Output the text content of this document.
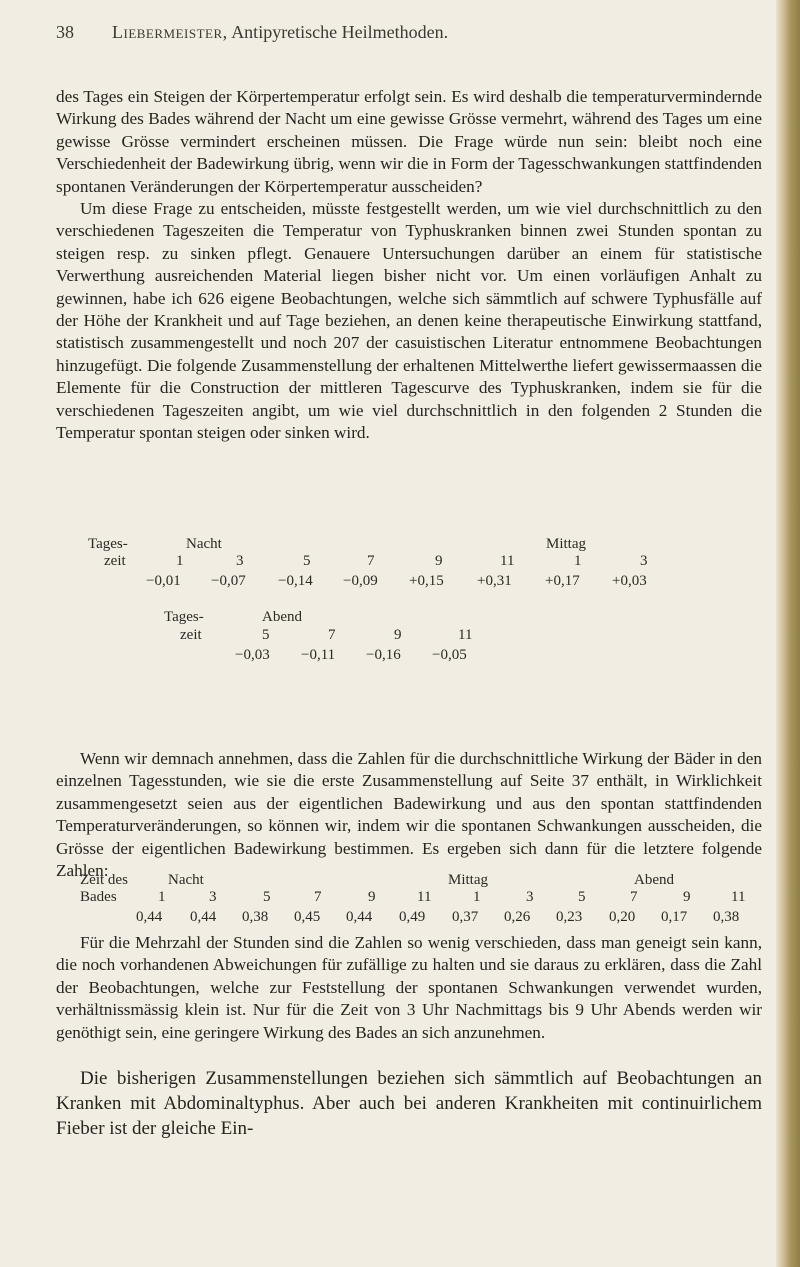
38 Liebermeister, Antipyretische Heilmethoden.
des Tages ein Steigen der Körpertemperatur erfolgt sein. Es wird deshalb die temperaturvermindernde Wirkung des Bades während der Nacht um eine gewisse Grösse vermehrt, während des Tages um eine gewisse Grösse vermindert erscheinen müssen. Die Frage würde nun sein: bleibt noch eine Verschiedenheit der Badewirkung übrig, wenn wir die in Form der Tagesschwankungen stattfindenden spontanen Veränderungen der Körpertemperatur ausscheiden?
Um diese Frage zu entscheiden, müsste festgestellt werden, um wie viel durchschnittlich zu den verschiedenen Tageszeiten die Temperatur von Typhuskranken binnen zwei Stunden spontan zu steigen resp. zu sinken pflegt. Genauere Untersuchungen darüber an einem für statistische Verwerthung ausreichenden Material liegen bisher nicht vor. Um einen vorläufigen Anhalt zu gewinnen, habe ich 626 eigene Beobachtungen, welche sich sämmtlich auf schwere Typhusfälle auf der Höhe der Krankheit und auf Tage beziehen, an denen keine therapeutische Einwirkung stattfand, statistisch zusammengestellt und noch 207 der casuistischen Literatur entnommene Beobachtungen hinzugefügt. Die folgende Zusammenstellung der erhaltenen Mittelwerthe liefert gewissermaassen die Elemente für die Construction der mittleren Tagescurve des Typhuskranken, indem sie für die verschiedenen Tageszeiten angibt, um wie viel durchschnittlich in den folgenden 2 Stunden die Temperatur spontan steigen oder sinken wird.
Tages-
zeit
Nacht	Mittag
1	3	5	7	9	11	1	3
−0,01 −0,07 −0,14 −0,09 +0,15 +0,31 +0,17 +0,03
Tages-
zeit
Abend
5	7	9	11
−0,03 −0,11 −0,16 −0,05
Wenn wir demnach annehmen, dass die Zahlen für die durchschnittliche Wirkung der Bäder in den einzelnen Tagesstunden, wie sie die erste Zusammenstellung auf Seite 37 enthält, in Wirklichkeit zusammengesetzt seien aus der eigentlichen Badewirkung und aus den spontan stattfindenden Temperaturveränderungen, so können wir, indem wir die spontanen Schwankungen ausscheiden, die Grösse der eigentlichen Badewirkung bestimmen. Es ergeben sich dann für die letztere folgende Zahlen:
Zeit des
Bades
Nacht	Mittag	Abend
1	3	5	7	9	11	1	3	5	7	9	11
0,44 0,44 0,38 0,45 0,44 0,49 0,37 0,26 0,23 0,20 0,17 0,38
Für die Mehrzahl der Stunden sind die Zahlen so wenig verschieden, dass man geneigt sein kann, die noch vorhandenen Abweichungen für zufällige zu halten und sie daraus zu erklären, dass die Zahl der Beobachtungen, welche zur Feststellung der spontanen Schwankungen verwendet wurden, verhältnissmässig klein ist. Nur für die Zeit von 3 Uhr Nachmittags bis 9 Uhr Abends werden wir genöthigt sein, eine geringere Wirkung des Bades an sich anzunehmen.
Die bisherigen Zusammenstellungen beziehen sich sämmtlich auf Beobachtungen an Kranken mit Abdominaltyphus. Aber auch bei anderen Krankheiten mit continuirlichem Fieber ist der gleiche Ein-
